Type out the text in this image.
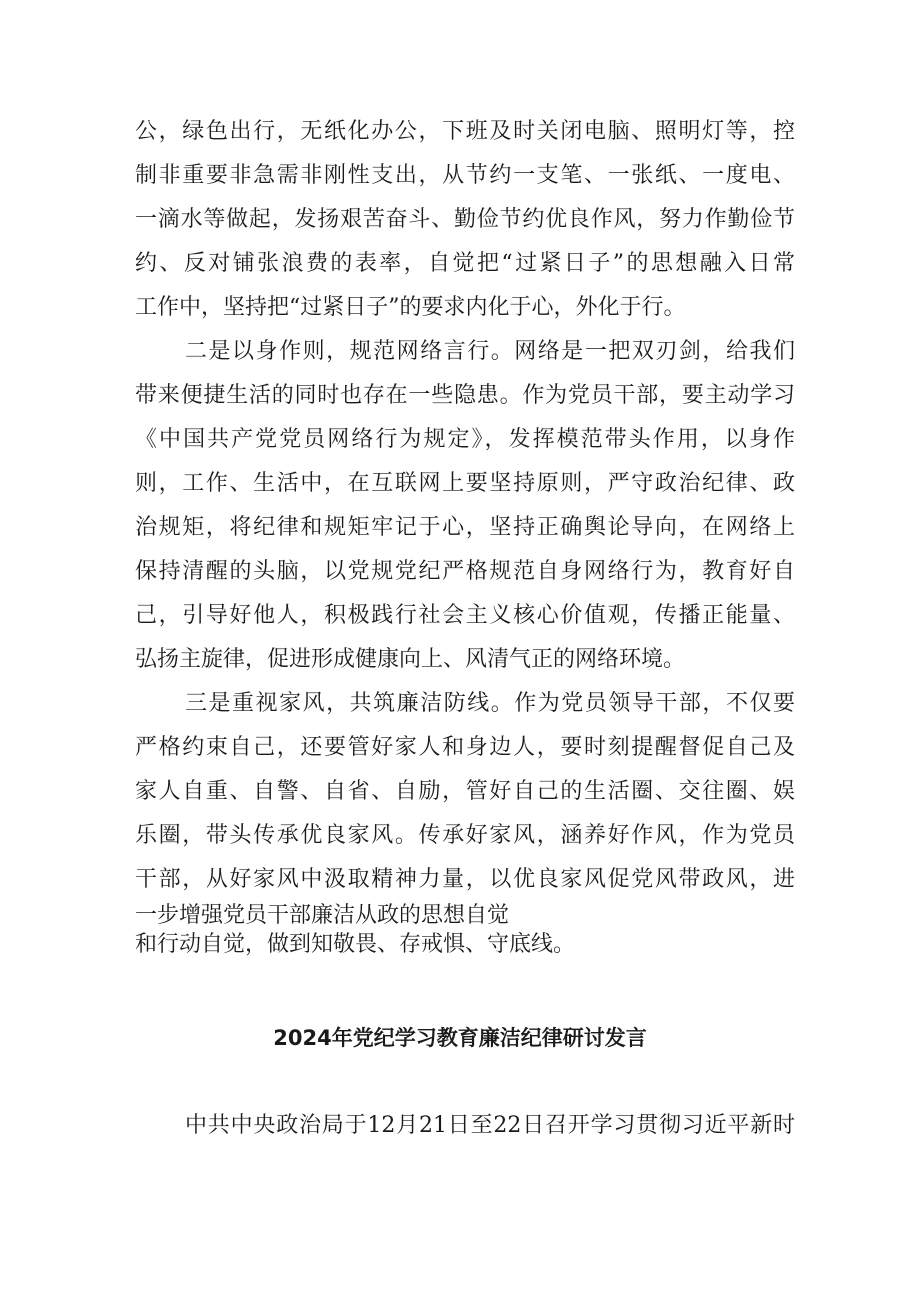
公，绿色出行，无纸化办公，下班及时关闭电脑、照明灯等，控
制非重要非急需非刚性支出，从节约一支笔、一张纸、一度电、
一滴水等做起，发扬艰苦奋斗、勤俭节约优良作风，努力作勤俭节
约、反对铺张浪费的表率，自觉把“过紧日子”的思想融入日常
工作中，坚持把“过紧日子”的要求内化于心，外化于行。
二是以身作则，规范网络言行。网络是一把双刃剑，给我们
带来便捷生活的同时也存在一些隐患。作为党员干部，要主动学习
《中国共产党党员网络行为规定》，发挥模范带头作用，以身作
则，工作、生活中，在互联网上要坚持原则，严守政治纪律、政
治规矩，将纪律和规矩牢记于心，坚持正确舆论导向，在网络上
保持清醒的头脑，以党规党纪严格规范自身网络行为，教育好自
己，引导好他人，积极践行社会主义核心价值观，传播正能量、
弘扬主旋律，促进形成健康向上、风清气正的网络环境。
三是重视家风，共筑廉洁防线。作为党员领导干部，不仅要
严格约束自己，还要管好家人和身边人，要时刻提醒督促自己及
家人自重、自警、自省、自励，管好自己的生活圈、交往圈、娱
乐圈，带头传承优良家风。传承好家风，涵养好作风，作为党员
干部，从好家风中汲取精神力量，以优良家风促党风带政风，进
一步增强党员干部廉洁从政的思想自觉
和行动自觉，做到知敬畏、存戒惧、守底线。
2024年党纪学习教育廉洁纪律研讨发言
中共中央政治局于12月21日至22日召开学习贯彻习近平新时
